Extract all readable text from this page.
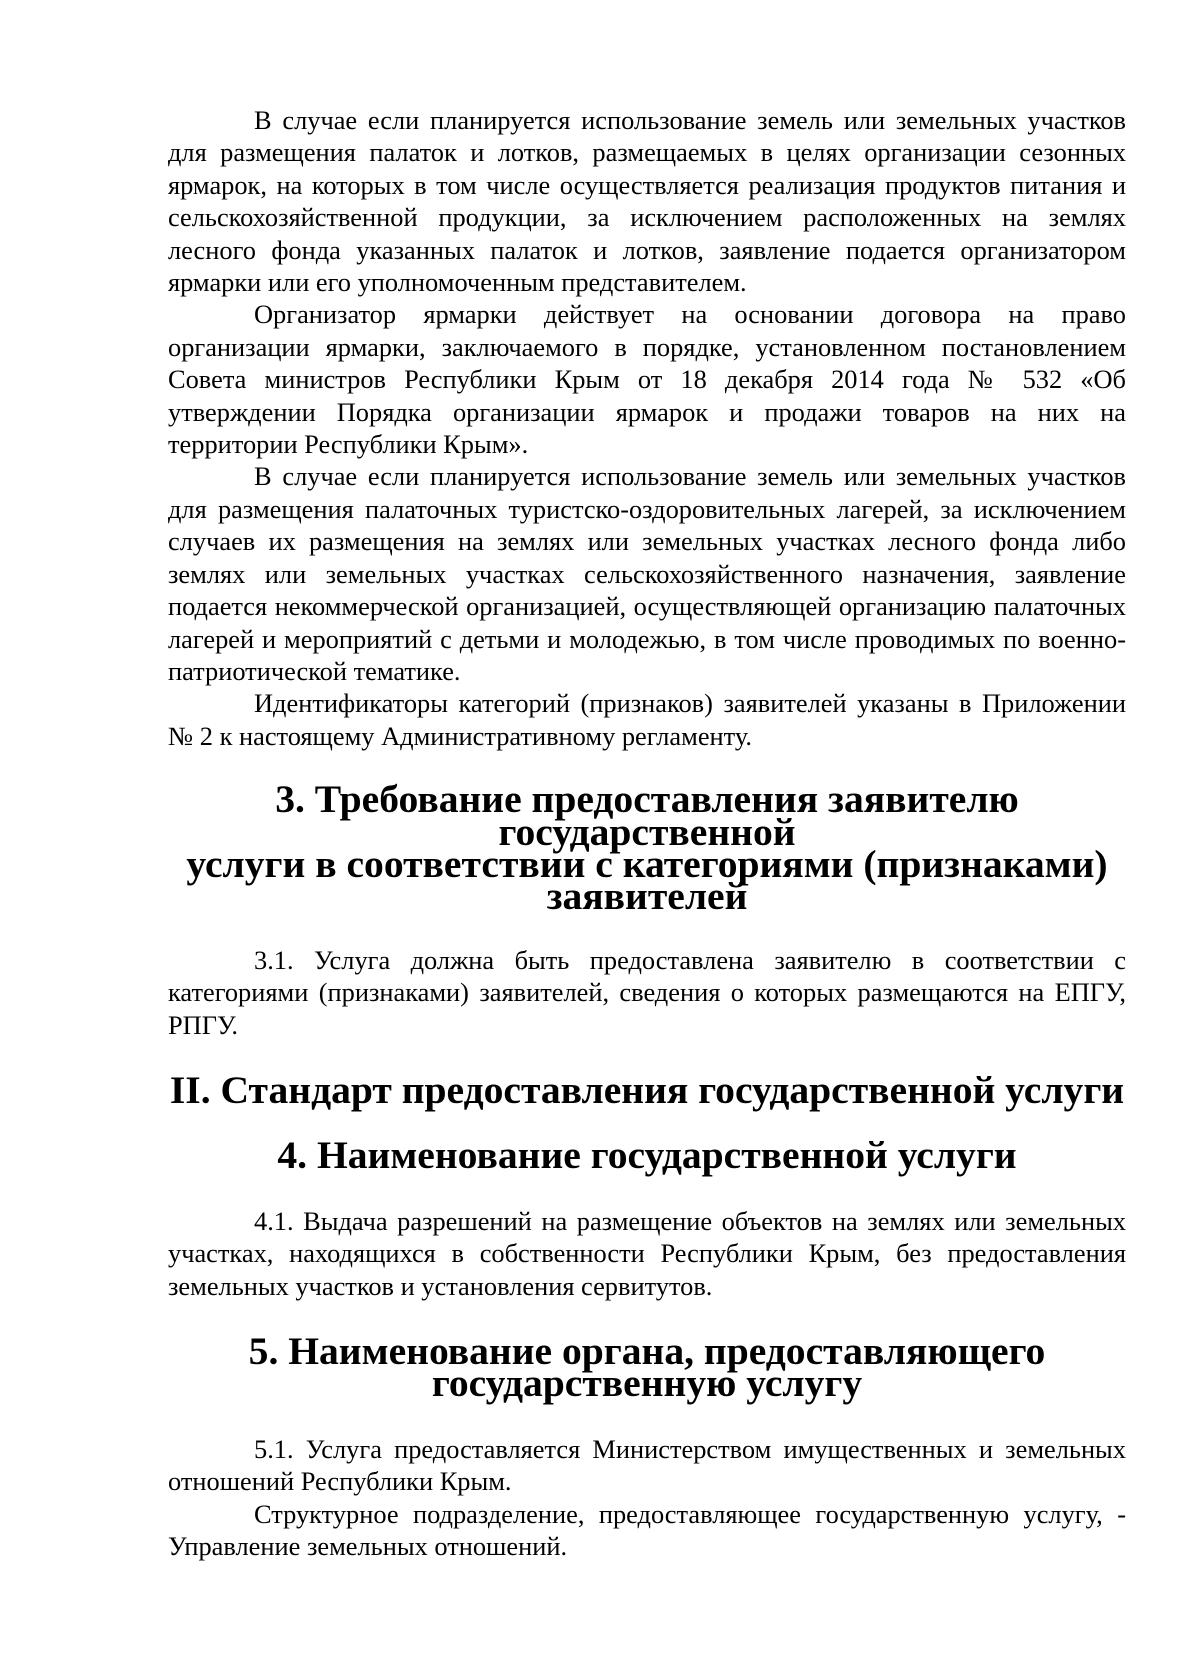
В случае если планируется использование земель или земельных участков для размещения палаток и лотков, размещаемых в целях организации сезонных ярмарок, на которых в том числе осуществляется реализация продуктов питания и сельскохозяйственной продукции, за исключением расположенных на землях лесного фонда указанных палаток и лотков, заявление подается организатором ярмарки или его уполномоченным представителем.

Организатор ярмарки действует на основании договора на право организации ярмарки, заключаемого в порядке, установленном постановлением Совета министров Республики Крым от 18 декабря 2014 года № 532 «Об утверждении Порядка организации ярмарок и продажи товаров на них на территории Республики Крым».

В случае если планируется использование земель или земельных участков для размещения палаточных туристско-оздоровительных лагерей, за исключением случаев их размещения на землях или земельных участках лесного фонда либо землях или земельных участках сельскохозяйственного назначения, заявление подается некоммерческой организацией, осуществляющей организацию палаточных лагерей и мероприятий с детьми и молодежью, в том числе проводимых по военно-патриотической тематике.

Идентификаторы категорий (признаков) заявителей указаны в Приложении № 2 к настоящему Административному регламенту.

3. Требование предоставления заявителю государственной
услуги в соответствии с категориями (признаками) заявителей

3.1. Услуга должна быть предоставлена заявителю в соответствии с категориями (признаками) заявителей, сведения о которых размещаются на ЕПГУ, РПГУ.

II. Стандарт предоставления государственной услуги
4. Наименование государственной услуги

4.1. Выдача разрешений на размещение объектов на землях или земельных участках, находящихся в собственности Республики Крым, без предоставления земельных участков и установления сервитутов.

5. Наименование органа, предоставляющего
государственную услугу

5.1. Услуга предоставляется Министерством имущественных и земельных отношений Республики Крым.

Структурное подразделение, предоставляющее государственную услугу, - Управление земельных отношений.
